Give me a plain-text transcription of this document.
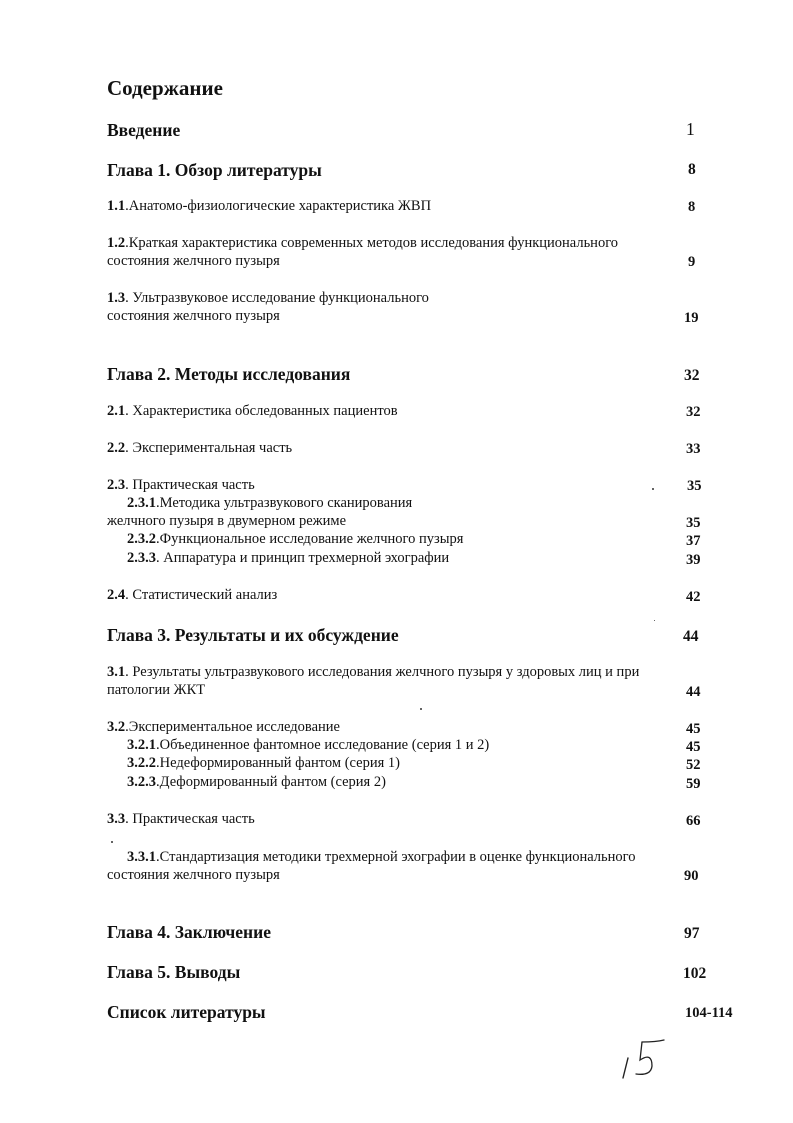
Содержание
Введение	1
Глава 1. Обзор литературы	8
1.1.Анатомо-физиологические характеристика ЖВП	8
1.2.Краткая характеристика современных методов исследования функционального
состояния желчного пузыря	9
1.3. Ультразвуковое исследование функционального
состояния желчного пузыря	19
Глава 2. Методы исследования	32
2.1. Характеристика обследованных пациентов	32
2.2. Экспериментальная часть	33
2.3. Практическая часть	35
2.3.1.Методика ультразвукового сканирования
желчного пузыря в двумерном режиме	35
2.3.2.Функциональное исследование желчного пузыря	37
2.3.3. Аппаратура и принцип трехмерной эхографии	39
2.4. Статистический анализ	42
Глава 3. Результаты и их обсуждение	44
3.1. Результаты ультразвукового исследования желчного пузыря у здоровых лиц и при
патологии ЖКТ	44
3.2.Экспериментальное исследование	45
3.2.1.Объединенное фантомное исследование (серия 1 и 2)	45
3.2.2.Недеформированный фантом (серия 1)	52
3.2.3.Деформированный фантом (серия 2)	59
3.3. Практическая часть	66
3.3.1.Стандартизация методики трехмерной эхографии в оценке функционального
состояния желчного пузыря	90
Глава 4. Заключение	97
Глава 5. Выводы	102
Список литературы	104-114
